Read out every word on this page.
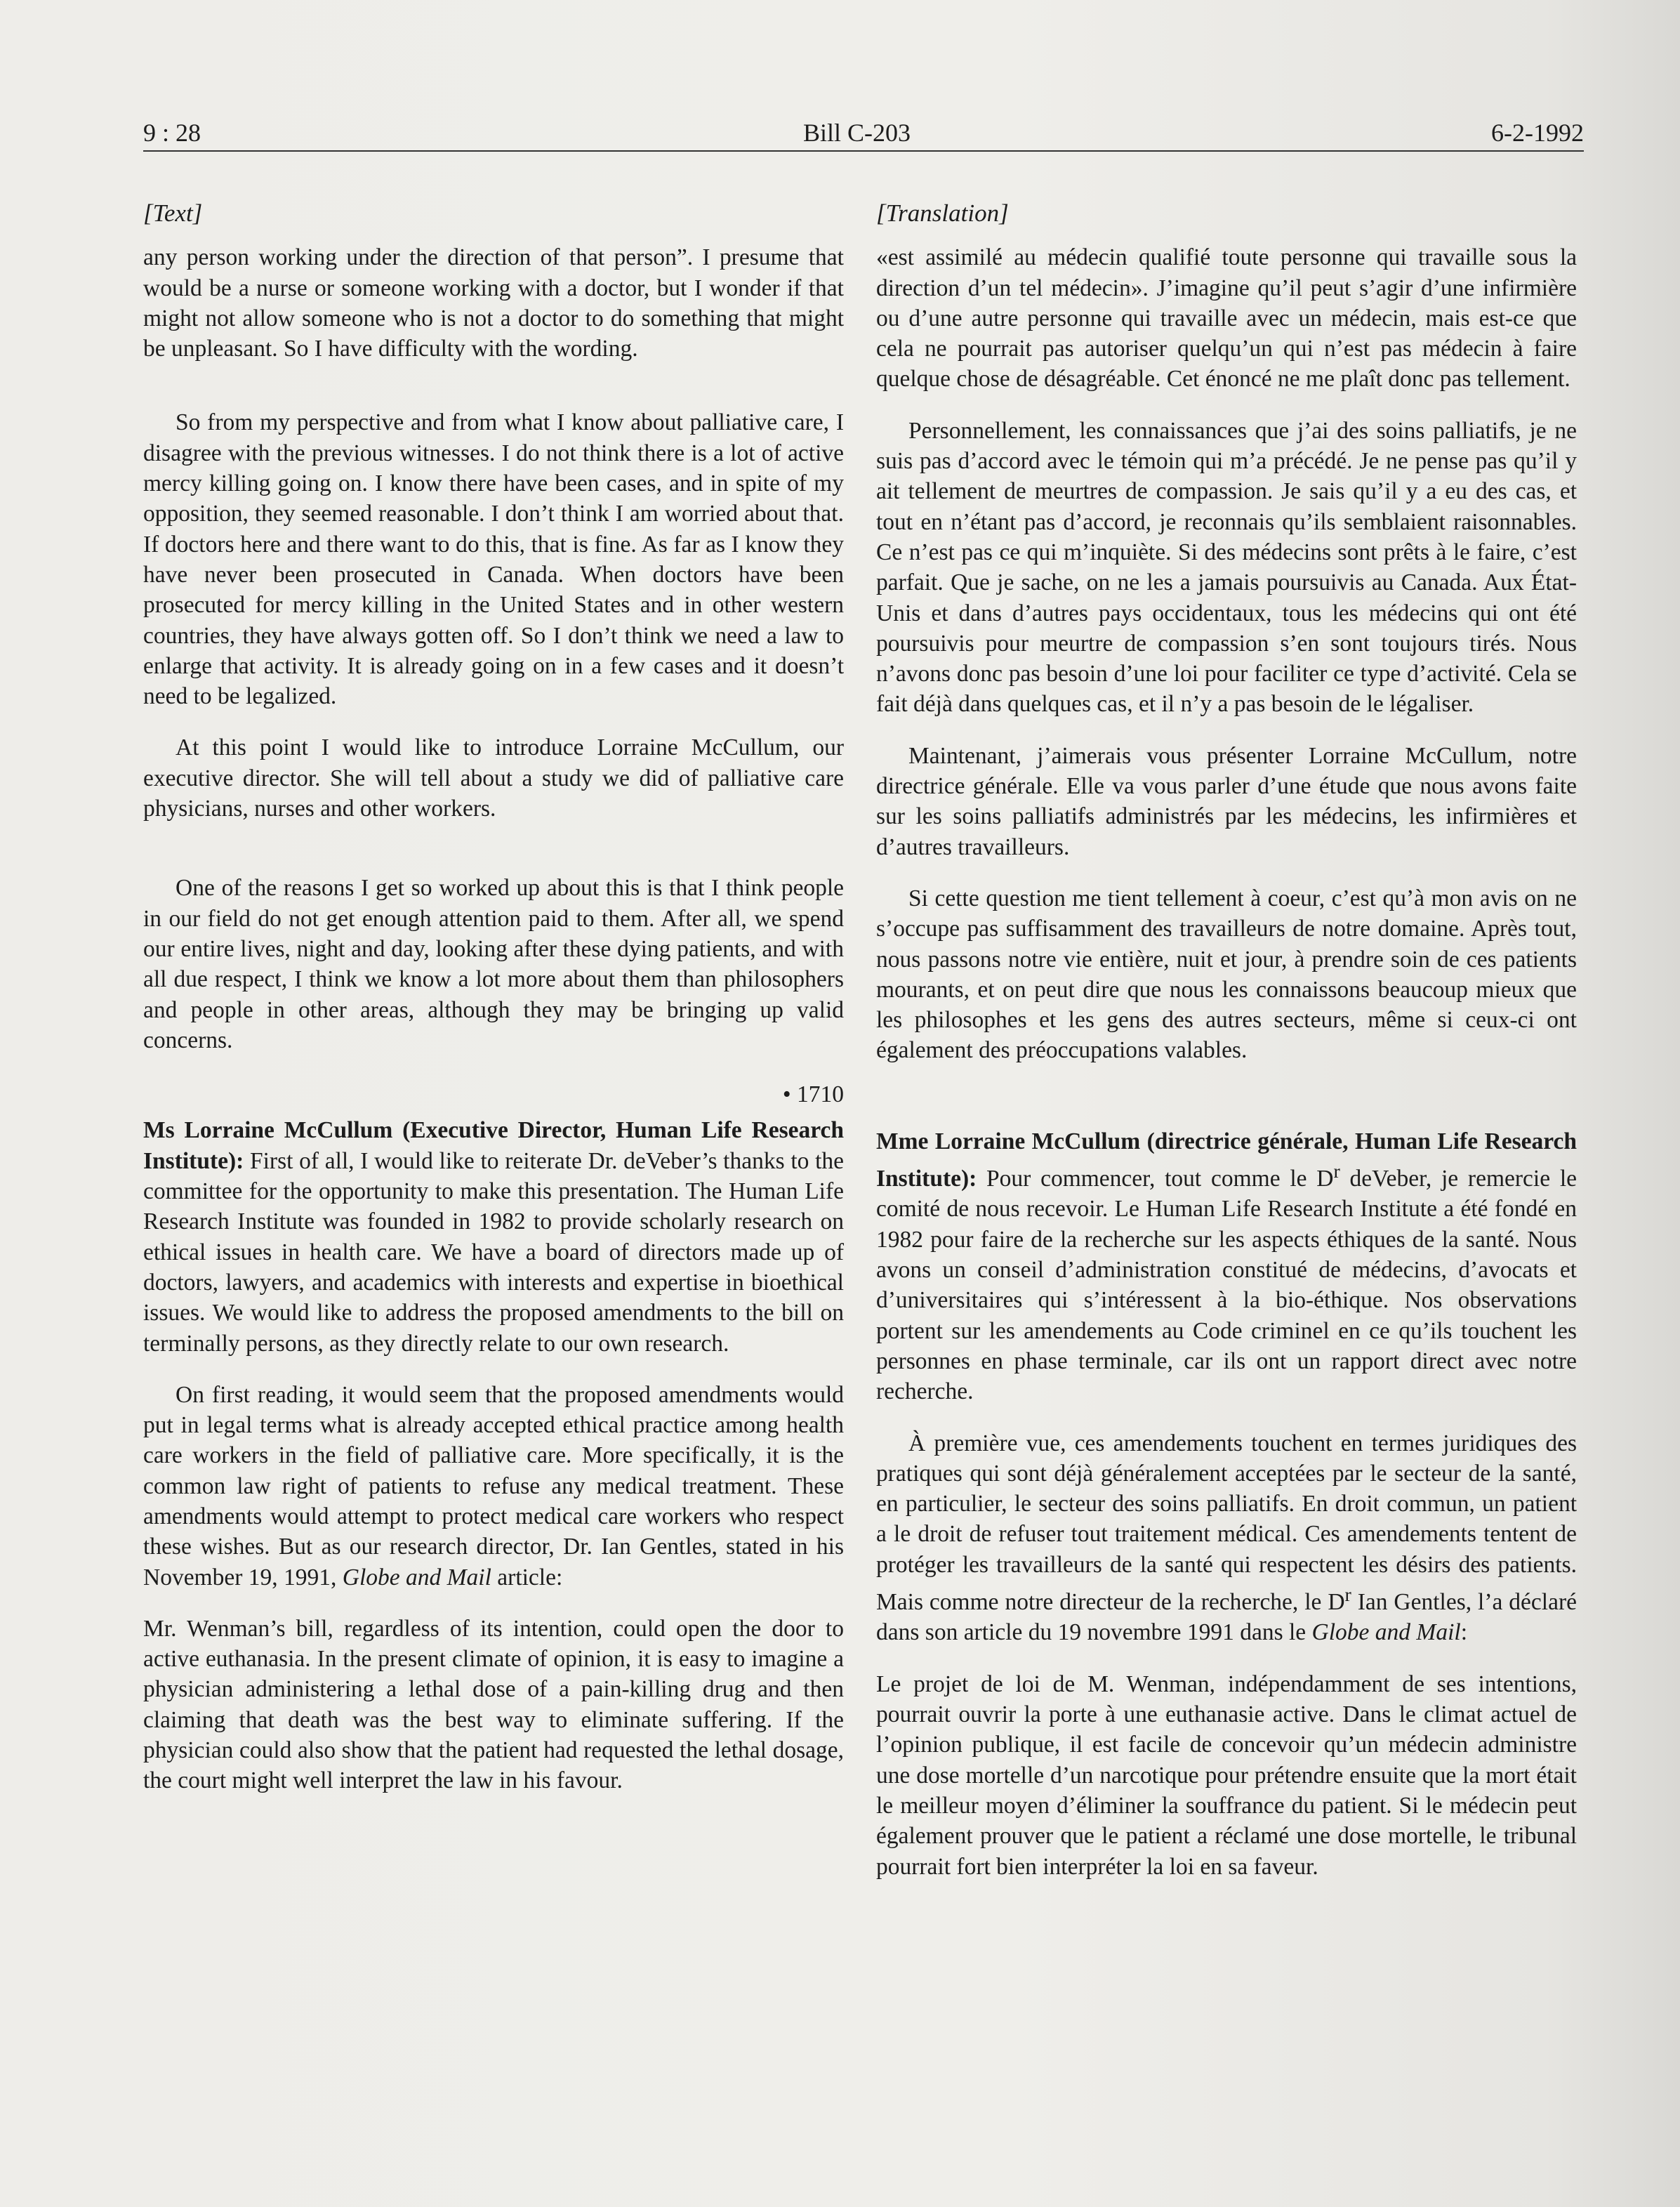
9 : 28	Bill C-203	6-2-1992
[Text]

any person working under the direction of that person”. I presume that would be a nurse or someone working with a doctor, but I wonder if that might not allow someone who is not a doctor to do something that might be unpleasant. So I have difficulty with the wording.

So from my perspective and from what I know about palliative care, I disagree with the previous witnesses. I do not think there is a lot of active mercy killing going on. I know there have been cases, and in spite of my opposition, they seemed reasonable. I don’t think I am worried about that. If doctors here and there want to do this, that is fine. As far as I know they have never been prosecuted in Canada. When doctors have been prosecuted for mercy killing in the United States and in other western countries, they have always gotten off. So I don’t think we need a law to enlarge that activity. It is already going on in a few cases and it doesn’t need to be legalized.

At this point I would like to introduce Lorraine McCullum, our executive director. She will tell about a study we did of palliative care physicians, nurses and other workers.

One of the reasons I get so worked up about this is that I think people in our field do not get enough attention paid to them. After all, we spend our entire lives, night and day, looking after these dying patients, and with all due respect, I think we know a lot more about them than philosophers and people in other areas, although they may be bringing up valid concerns.

• 1710

Ms Lorraine McCullum (Executive Director, Human Life Research Institute): First of all, I would like to reiterate Dr. deVeber’s thanks to the committee for the opportunity to make this presentation. The Human Life Research Institute was founded in 1982 to provide scholarly research on ethical issues in health care. We have a board of directors made up of doctors, lawyers, and academics with interests and expertise in bioethical issues. We would like to address the proposed amendments to the bill on terminally persons, as they directly relate to our own research.

On first reading, it would seem that the proposed amendments would put in legal terms what is already accepted ethical practice among health care workers in the field of palliative care. More specifically, it is the common law right of patients to refuse any medical treatment. These amendments would attempt to protect medical care workers who respect these wishes. But as our research director, Dr. Ian Gentles, stated in his November 19, 1991, Globe and Mail article:

Mr. Wenman’s bill, regardless of its intention, could open the door to active euthanasia. In the present climate of opinion, it is easy to imagine a physician administering a lethal dose of a pain-killing drug and then claiming that death was the best way to eliminate suffering. If the physician could also show that the patient had requested the lethal dosage, the court might well interpret the law in his favour.

[Translation]

«est assimilé au médecin qualifié toute personne qui travaille sous la direction d’un tel médecin». J’imagine qu’il peut s’agir d’une infirmière ou d’une autre personne qui travaille avec un médecin, mais est-ce que cela ne pourrait pas autoriser quelqu’un qui n’est pas médecin à faire quelque chose de désagréable. Cet énoncé ne me plaît donc pas tellement.

Personnellement, les connaissances que j’ai des soins palliatifs, je ne suis pas d’accord avec le témoin qui m’a précédé. Je ne pense pas qu’il y ait tellement de meurtres de compassion. Je sais qu’il y a eu des cas, et tout en n’étant pas d’accord, je reconnais qu’ils semblaient raisonnables. Ce n’est pas ce qui m’inquiète. Si des médecins sont prêts à le faire, c’est parfait. Que je sache, on ne les a jamais poursuivis au Canada. Aux État-Unis et dans d’autres pays occidentaux, tous les médecins qui ont été poursuivis pour meurtre de compassion s’en sont toujours tirés. Nous n’avons donc pas besoin d’une loi pour faciliter ce type d’activité. Cela se fait déjà dans quelques cas, et il n’y a pas besoin de le légaliser.

Maintenant, j’aimerais vous présenter Lorraine McCullum, notre directrice générale. Elle va vous parler d’une étude que nous avons faite sur les soins palliatifs administrés par les médecins, les infirmières et d’autres travailleurs.

Si cette question me tient tellement à coeur, c’est qu’à mon avis on ne s’occupe pas suffisamment des travailleurs de notre domaine. Après tout, nous passons notre vie entière, nuit et jour, à prendre soin de ces patients mourants, et on peut dire que nous les connaissons beaucoup mieux que les philosophes et les gens des autres secteurs, même si ceux-ci ont également des préoccupations valables.

Mme Lorraine McCullum (directrice générale, Human Life Research Institute): Pour commencer, tout comme le $D^r$ deVeber, je remercie le comité de nous recevoir. Le Human Life Research Institute a été fondé en 1982 pour faire de la recherche sur les aspects éthiques de la santé. Nous avons un conseil d’administration constitué de médecins, d’avocats et d’universitaires qui s’intéressent à la bio-éthique. Nos observations portent sur les amendements au Code criminel en ce qu’ils touchent les personnes en phase terminale, car ils ont un rapport direct avec notre recherche.

À première vue, ces amendements touchent en termes juridiques des pratiques qui sont déjà généralement acceptées par le secteur de la santé, en particulier, le secteur des soins palliatifs. En droit commun, un patient a le droit de refuser tout traitement médical. Ces amendements tentent de protéger les travailleurs de la santé qui respectent les désirs des patients. Mais comme notre directeur de la recherche, le $D^r$ Ian Gentles, l’a déclaré dans son article du 19 novembre 1991 dans le Globe and Mail:

Le projet de loi de M. Wenman, indépendamment de ses intentions, pourrait ouvrir la porte à une euthanasie active. Dans le climat actuel de l’opinion publique, il est facile de concevoir qu’un médecin administre une dose mortelle d’un narcotique pour prétendre ensuite que la mort était le meilleur moyen d’éliminer la souffrance du patient. Si le médecin peut également prouver que le patient a réclamé une dose mortelle, le tribunal pourrait fort bien interpréter la loi en sa faveur.
